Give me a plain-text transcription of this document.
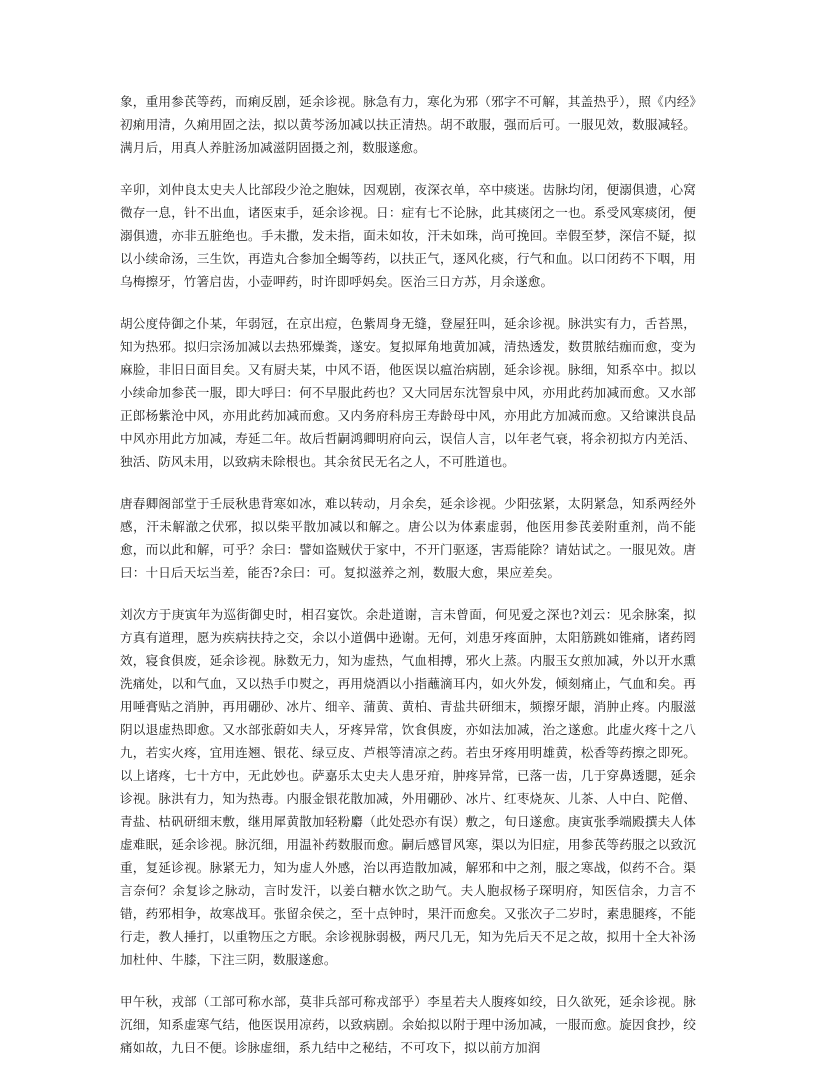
象，重用参芪等药，而痢反剧，延余诊视。脉急有力，寒化为邪（邪字不可解，其盖热乎），照《内经》初痢用清，久痢用固之法，拟以黄芩汤加减以扶正清热。胡不敢服，强而后可。一服见效，数服减轻。满月后，用真人养脏汤加减滋阴固摄之剂，数服遂愈。

辛卯，刘仲良太史夫人比部段少沧之胞妹，因观剧，夜深衣单，卒中痰迷。齿脉均闭，便溺俱遗，心窝微存一息，针不出血，诸医束手，延余诊视。日：症有七不论脉，此其痰闭之一也。系受风寒痰闭，便溺俱遗，亦非五脏绝也。手未撒，发未指，面未如妆，汗未如珠，尚可挽回。幸假至梦，深信不疑，拟以小续命汤，三生饮，再造丸合参加全蝎等药，以扶正气，逐风化痰，行气和血。以口闭药不下咽，用乌梅擦牙，竹箸启齿，小壶呷药，时许即呼妈矣。医治三日方苏，月余遂愈。

胡公度侍御之仆某，年弱冠，在京出痘，色紫周身无缝，登屋狂叫，延余诊视。脉洪实有力，舌苔黑，知为热邪。拟归宗汤加减以去热邪燥粪，遂安。复拟犀角地黄加减，清热透发，数贯脓结痂而愈，变为麻脸，非旧日面目矣。又有厨夫某，中风不语，他医误以瘟治病剧，延余诊视。脉细，知系卒中。拟以小续命加参芪一服，即大呼曰：何不早服此药也？又大同居东沈智泉中风，亦用此药加减而愈。又水部正郎杨紫沧中风，亦用此药加减而愈。又内务府科房王寿龄母中风，亦用此方加减而愈。又给谏洪良品中风亦用此方加减，寿延二年。故后哲嗣鸿卿明府向云，误信人言，以年老气衰，将余初拟方内羌活、独活、防风未用，以致病未除根也。其余贫民无名之人，不可胜道也。

唐春卿阁部堂于壬辰秋患背寒如冰，难以转动，月余矣，延余诊视。少阳弦紧，太阴紧急，知系两经外感，汗未解澈之伏邪，拟以柴平散加减以和解之。唐公以为体素虚弱，他医用参芪姜附重剂，尚不能愈，而以此和解，可乎？余曰：譬如盗贼伏于家中，不开门驱逐，害焉能除？请姑试之。一服见效。唐曰：十日后天坛当差，能否?余曰：可。复拟滋养之剂，数服大愈，果应差矣。

刘次方于庚寅年为巡街御史时，相召宴饮。余赴道谢，言未曾面，何见爱之深也?刘云：见余脉案，拟方真有道理，愿为疾病扶持之交，余以小道偶中逊谢。无何，刘患牙疼面肿，太阳筋跳如锥痛，诸药罔效，寝食俱废，延余诊视。脉数无力，知为虚热，气血相搏，邪火上蒸。内服玉女煎加减，外以开水熏洗痛处，以和气血，又以热手巾熨之，再用烧酒以小指蘸滴耳内，如火外发，倾刻痛止，气血和矣。再用唾膏贴之消肿，再用硼砂、冰片、细辛、蒲黄、黄柏、青盐共研细末，频擦牙龈，消肿止疼。内服滋阴以退虚热即愈。又水部张蔚如夫人，牙疼异常，饮食俱废，亦如法加减，治之遂愈。此虚火疼十之八九，若实火疼，宜用连翘、银花、绿豆皮、芦根等清凉之药。若虫牙疼用明雄黄，松香等药擦之即死。以上诸疼，七十方中，无此妙也。萨嘉乐太史夫人患牙疳，肿疼异常，已落一齿，几于穿鼻透腮，延余诊视。脉洪有力，知为热毒。内服金银花散加减，外用硼砂、冰片、红枣烧灰、儿茶、人中白、陀僧、青盐、枯矾研细末敷，继用犀黄散加轻粉麝（此处恐亦有误）敷之，旬日遂愈。庚寅张季端殿撰夫人体虚难眠，延余诊视。脉沉细，用温补药数服而愈。嗣后感冒风寒，渠以为旧症，用参芪等药服之以致沉重，复延诊视。脉紧无力，知为虚人外感，治以再造散加减，解邪和中之剂，服之寒战，似药不合。渠言奈何？余复诊之脉动，言时发汗，以姜白糖水饮之助气。夫人胞叔杨子琛明府，知医信余，力言不错，药邪相争，故寒战耳。张留余侯之，至十点钟时，果汗而愈矣。又张次子二岁时，素患腿疼，不能行走，教人捶打，以重物压之方眠。余诊视脉弱极，两尺几无，知为先后天不足之故，拟用十全大补汤加杜仲、牛膝，下注三阴，数服遂愈。

甲午秋，戎部（工部可称水部，莫非兵部可称戎部乎）李星若夫人腹疼如绞，日久欲死，延余诊视。脉沉细，知系虚寒气结，他医误用凉药，以致病剧。余始拟以附于理中汤加减，一服而愈。旋因食抄，绞痛如故，九日不便。诊脉虚细，系九结中之秘结，不可攻下，拟以前方加润
